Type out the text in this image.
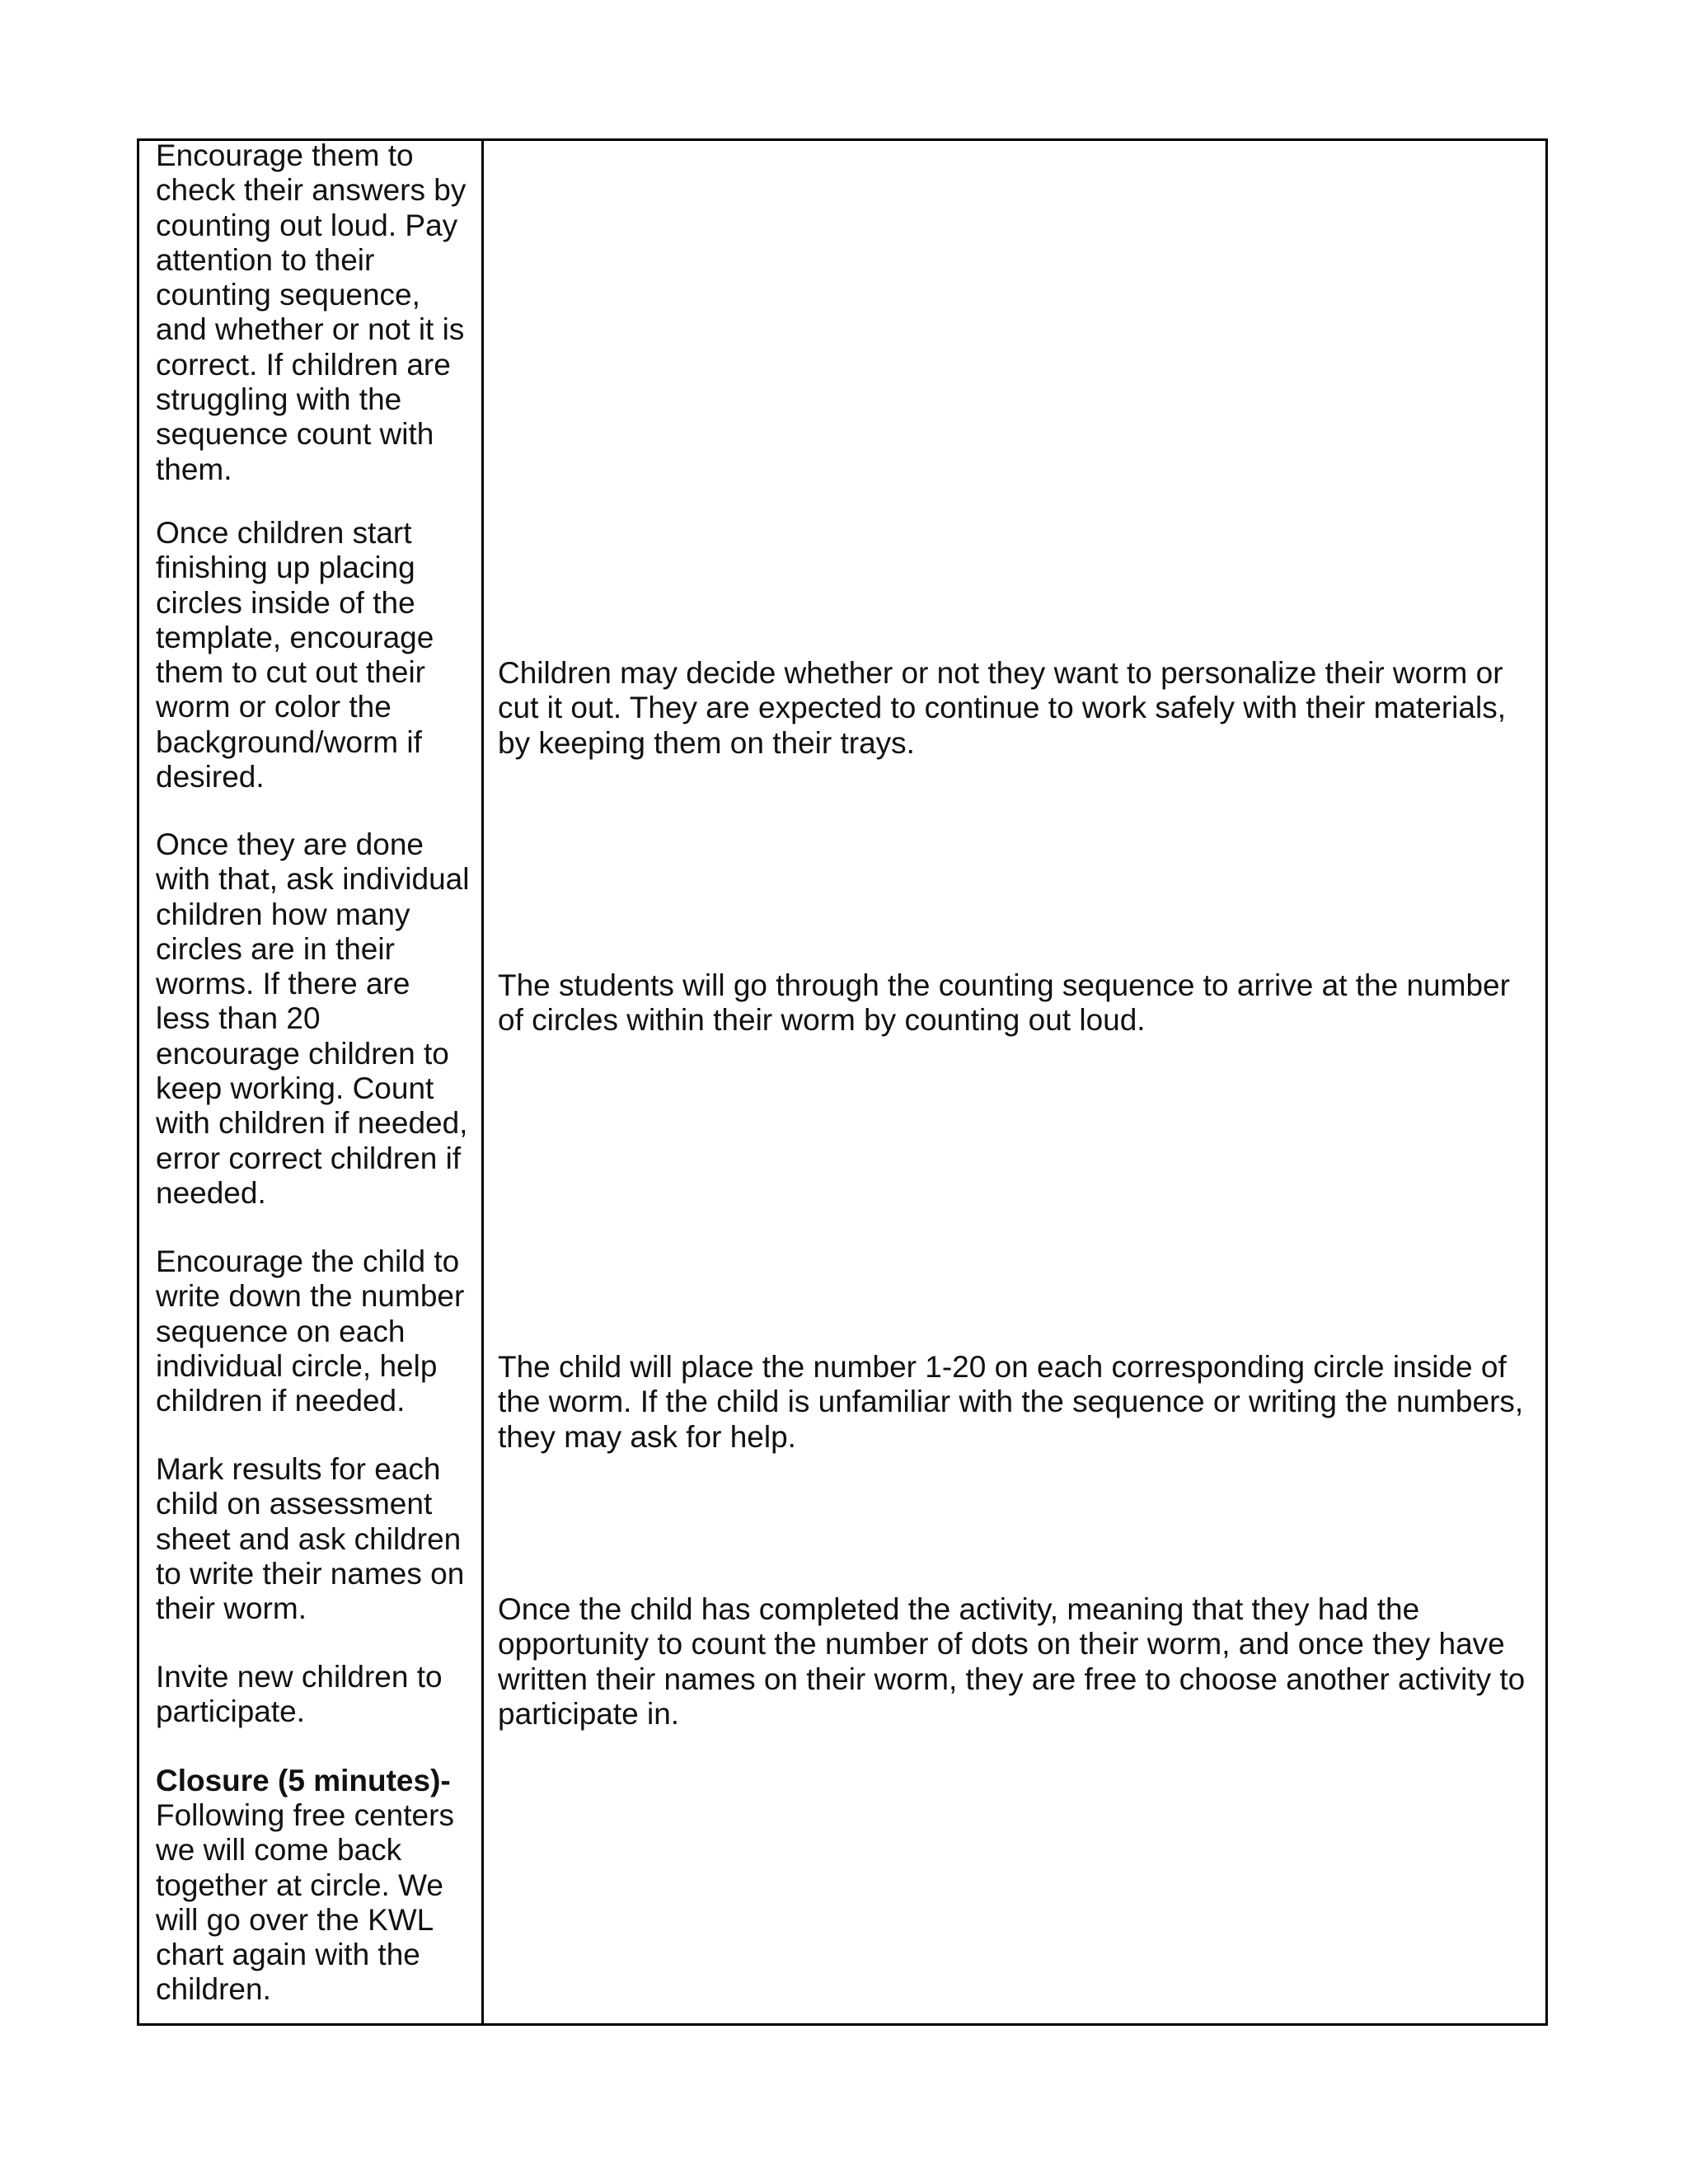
Encourage them to
check their answers by
counting out loud. Pay
attention to their
counting sequence,
and whether or not it is
correct. If children are
struggling with the
sequence count with
them.

Once children start
finishing up placing
circles inside of the
template, encourage
them to cut out their
worm or color the
background/worm if
desired.

Once they are done
with that, ask individual
children how many
circles are in their
worms. If there are
less than 20
encourage children to
keep working. Count
with children if needed,
error correct children if
needed.

Encourage the child to
write down the number
sequence on each
individual circle, help
children if needed.

Mark results for each
child on assessment
sheet and ask children
to write their names on
their worm.

Invite new children to
participate.

Closure (5 minutes)-

Following free centers
we will come back
together at circle. We
will go over the KWL
chart again with the
children.

Children may decide whether or not they want to personalize their worm or
cut it out. They are expected to continue to work safely with their materials,
by keeping them on their trays.

The students will go through the counting sequence to arrive at the number
of circles within their worm by counting out loud.

The child will place the number 1-20 on each corresponding circle inside of
the worm. If the child is unfamiliar with the sequence or writing the numbers,
they may ask for help.

Once the child has completed the activity, meaning that they had the
opportunity to count the number of dots on their worm, and once they have
written their names on their worm, they are free to choose another activity to
participate in.
